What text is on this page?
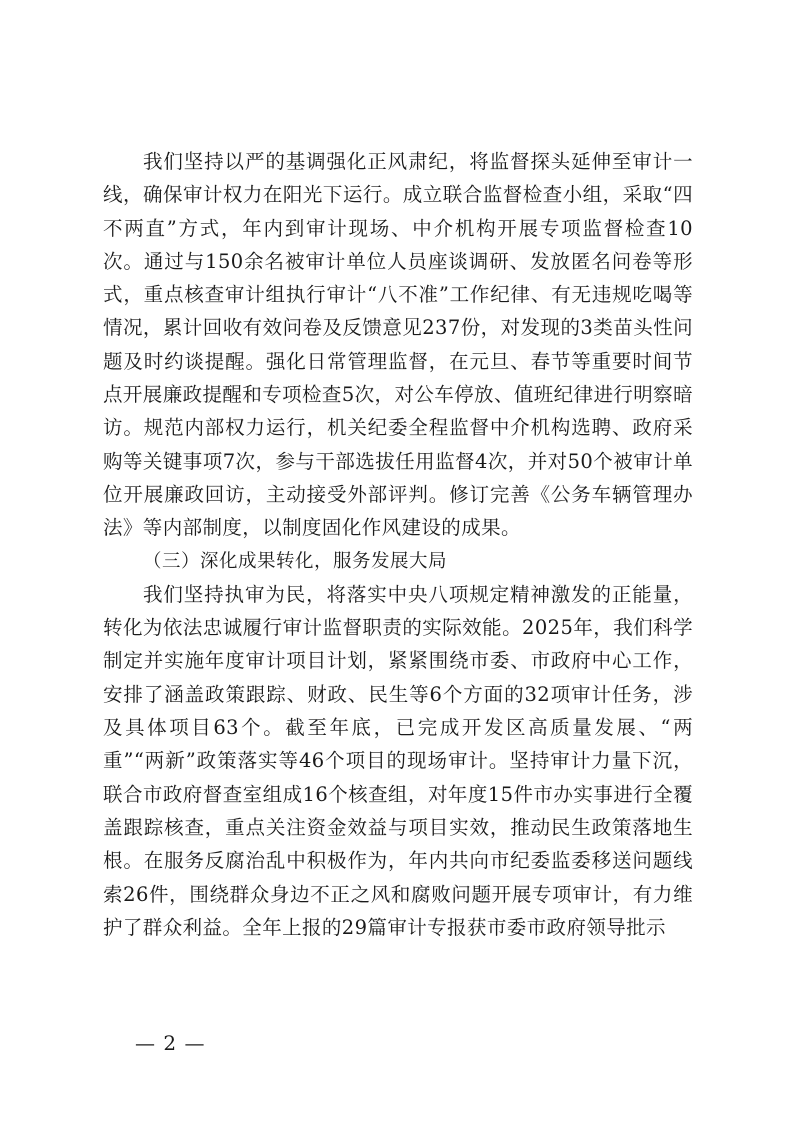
我们坚持以严的基调强化正风肃纪，将监督探头延伸至审计一线，确保审计权力在阳光下运行。成立联合监督检查小组，采取“四不两直”方式，年内到审计现场、中介机构开展专项监督检查10次。通过与150余名被审计单位人员座谈调研、发放匿名问卷等形式，重点核查审计组执行审计“八不准”工作纪律、有无违规吃喝等情况，累计回收有效问卷及反馈意见237份，对发现的3类苗头性问题及时约谈提醒。强化日常管理监督，在元旦、春节等重要时间节点开展廉政提醒和专项检查5次，对公车停放、值班纪律进行明察暗访。规范内部权力运行，机关纪委全程监督中介机构选聘、政府采购等关键事项7次，参与干部选拔任用监督4次，并对50个被审计单位开展廉政回访，主动接受外部评判。修订完善《公务车辆管理办法》等内部制度，以制度固化作风建设的成果。

（三）深化成果转化，服务发展大局

我们坚持执审为民，将落实中央八项规定精神激发的正能量，转化为依法忠诚履行审计监督职责的实际效能。2025年，我们科学制定并实施年度审计项目计划，紧紧围绕市委、市政府中心工作，安排了涵盖政策跟踪、财政、民生等6个方面的32项审计任务，涉及具体项目63个。截至年底，已完成开发区高质量发展、“两重”“两新”政策落实等46个项目的现场审计。坚持审计力量下沉，联合市政府督查室组成16个核查组，对年度15件市办实事进行全覆盖跟踪核查，重点关注资金效益与项目实效，推动民生政策落地生根。在服务反腐治乱中积极作为，年内共向市纪委监委移送问题线索26件，围绕群众身边不正之风和腐败问题开展专项审计，有力维护了群众利益。全年上报的29篇审计专报获市委市政府领导批示

— 2 —
